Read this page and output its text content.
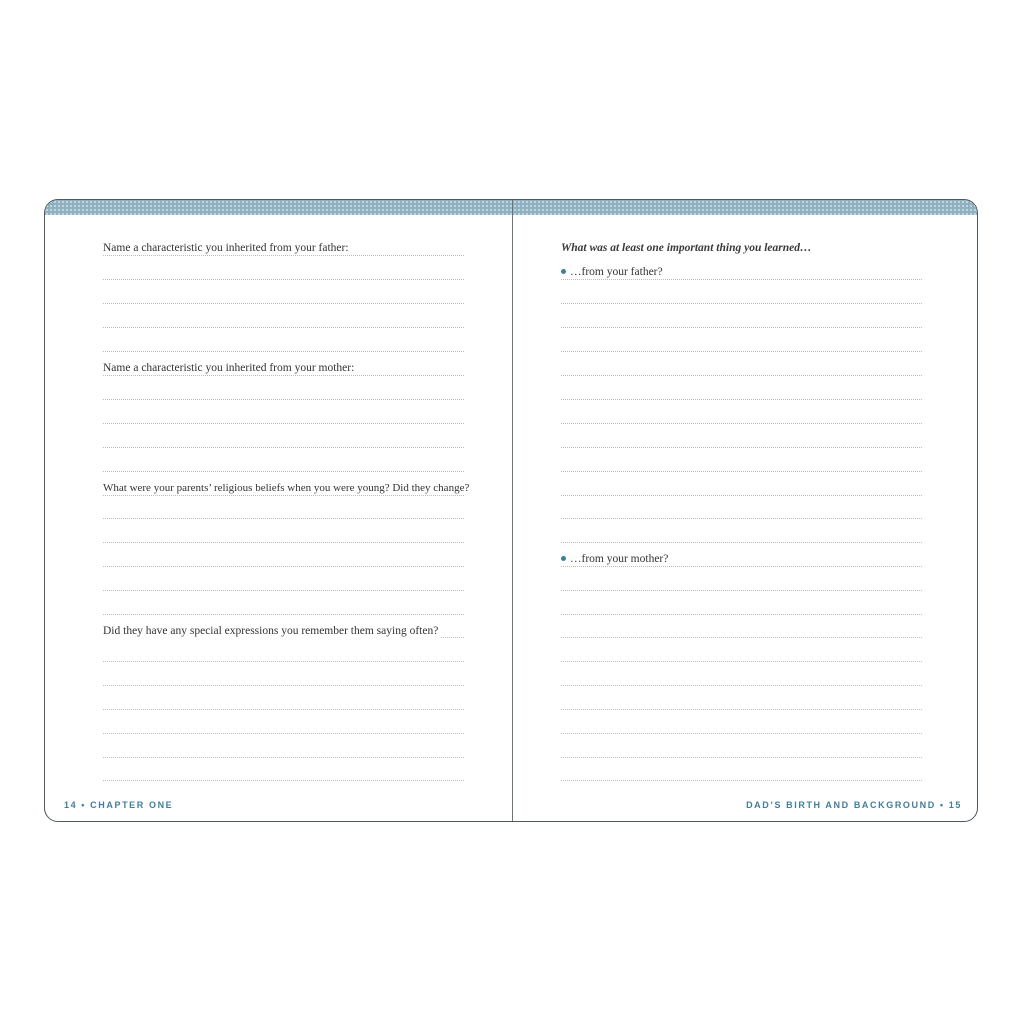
Name a characteristic you inherited from your father:
Name a characteristic you inherited from your mother:
What were your parents’ religious beliefs when you were young? Did they change?
Did they have any special expressions you remember them saying often?
14 • CHAPTER ONE
What was at least one important thing you learned…
…from your father?
…from your mother?
DAD’S BIRTH AND BACKGROUND • 15
